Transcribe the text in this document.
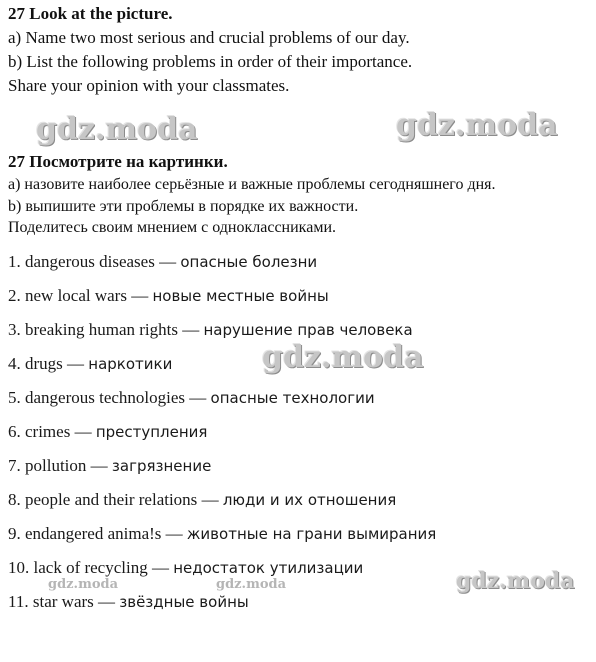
27 Look at the picture.
a) Name two most serious and crucial problems of our day.
b) List the following problems in order of their importance.
Share your opinion with your classmates.
gdz.moda	gdz.moda
27 Посмотрите на картинки.
а) назовите наиболее серьёзные и важные проблемы сегодняшнего дня.
b) выпишите эти проблемы в порядке их важности.
Поделитесь своим мнением с одноклассниками.
1. dangerous diseases — опасные болезни
2. new local wars — новые местные войны
3. breaking human rights — нарушение прав человека
4. drugs — наркотики
5. dangerous technologies — опасные технологии
6. crimes — преступления
7. pollution — загрязнение
8. people and their relations — люди и их отношения
9. endangered anima!s — животные на грани вымирания
10. lack of recycling — недостаток утилизации
11. star wars — звёздные войны
gdz.moda
gdz.moda
gdz.moda	gdz.moda
